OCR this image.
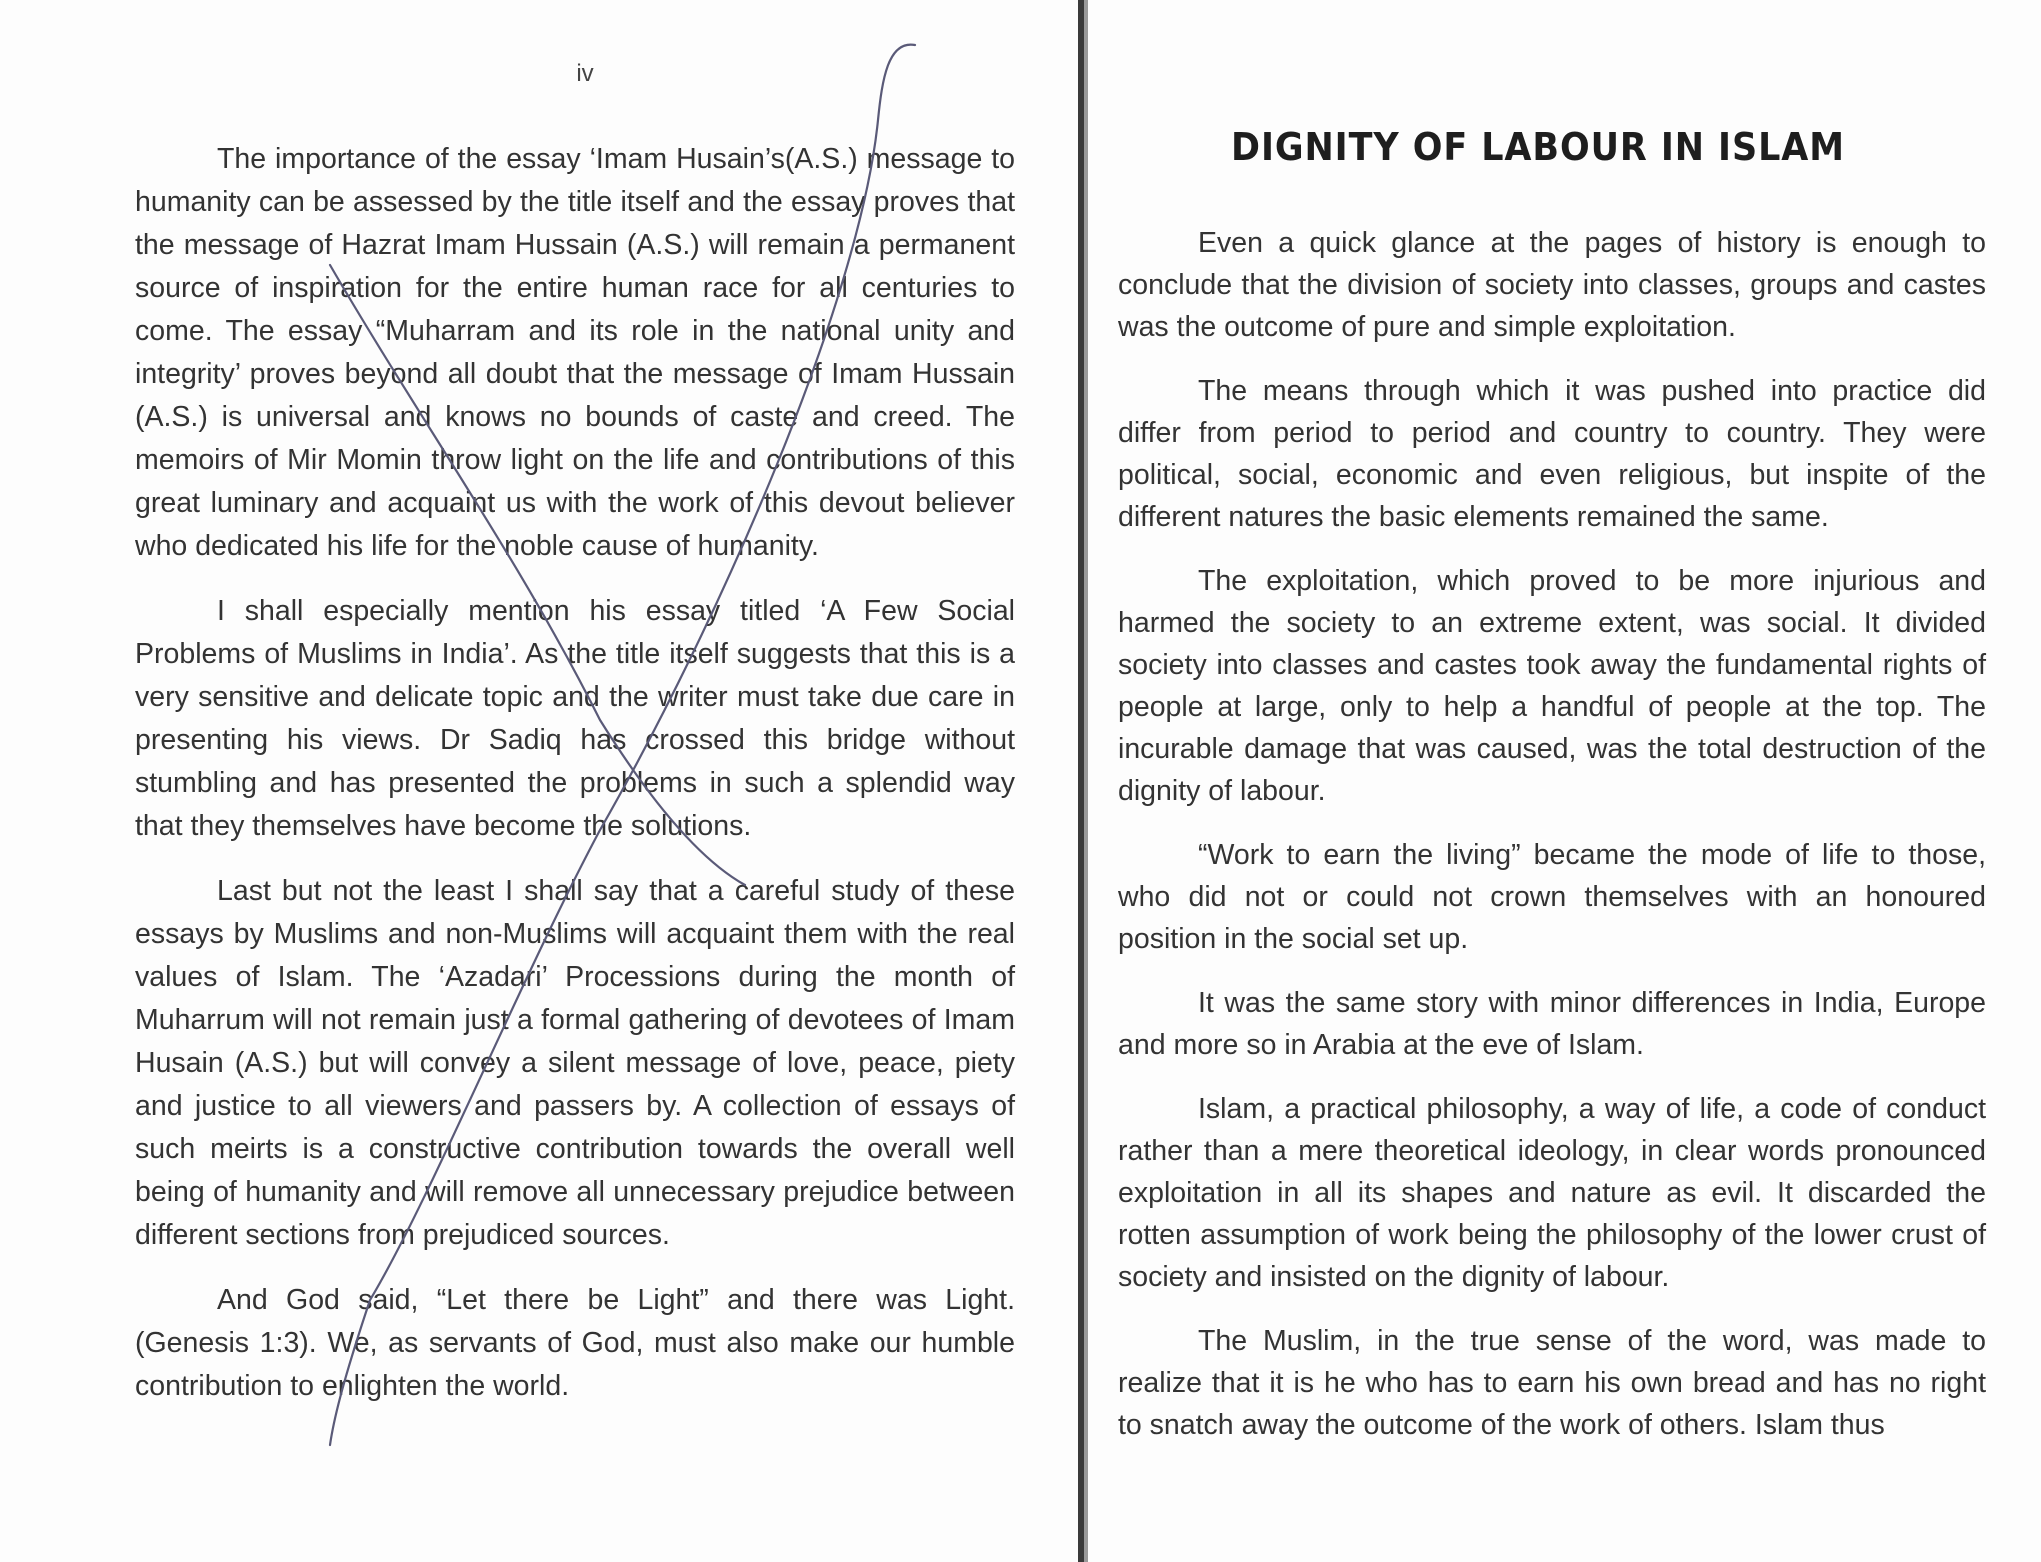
iv

The importance of the essay ‘Imam Husain’s(A.S.) message to humanity can be assessed by the title itself and the essay proves that the message of Hazrat Imam Hussain (A.S.) will remain a permanent source of inspiration for the entire human race for all centuries to come. The essay “Muharram and its role in the national unity and integrity’ proves beyond all doubt that the message of Imam Hussain (A.S.) is universal and knows no bounds of caste and creed. The memoirs of Mir Momin throw light on the life and contributions of this great luminary and acquaint us with the work of this devout believer who dedicated his life for the noble cause of humanity.

I shall especially mention his essay titled ‘A Few Social Problems of Muslims in India’. As the title itself suggests that this is a very sensitive and delicate topic and the writer must take due care in presenting his views. Dr Sadiq has crossed this bridge without stumbling and has presented the problems in such a splendid way that they themselves have become the solutions.

Last but not the least I shall say that a careful study of these essays by Muslims and non-Muslims will acquaint them with the real values of Islam. The ‘Azadari’ Processions during the month of Muharrum will not remain just a formal gathering of devotees of Imam Husain (A.S.) but will convey a silent message of love, peace, piety and justice to all viewers and passers by. A collection of essays of such meirts is a constructive contribution towards the overall well being of humanity and will remove all unnecessary prejudice between different sections from prejudiced sources.

And God said, “Let there be Light” and there was Light. (Genesis 1:3). We, as servants of God, must also make our humble contribution to enlighten the world.

DIGNITY OF LABOUR IN ISLAM

Even a quick glance at the pages of history is enough to conclude that the division of society into classes, groups and castes was the outcome of pure and simple exploitation.

The means through which it was pushed into practice did differ from period to period and country to country. They were political, social, economic and even religious, but inspite of the different natures the basic elements remained the same.

The exploitation, which proved to be more injurious and harmed the society to an extreme extent, was social. It divided society into classes and castes took away the fundamental rights of people at large, only to help a handful of people at the top. The incurable damage that was caused, was the total destruction of the dignity of labour.

“Work to earn the living” became the mode of life to those, who did not or could not crown themselves with an honoured position in the social set up.

It was the same story with minor differences in India, Europe and more so in Arabia at the eve of Islam.

Islam, a practical philosophy, a way of life, a code of conduct rather than a mere theoretical ideology, in clear words pronounced exploitation in all its shapes and nature as evil. It discarded the rotten assumption of work being the philosophy of the lower crust of society and insisted on the dignity of labour.

The Muslim, in the true sense of the word, was made to realize that it is he who has to earn his own bread and has no right to snatch away the outcome of the work of others. Islam thus
